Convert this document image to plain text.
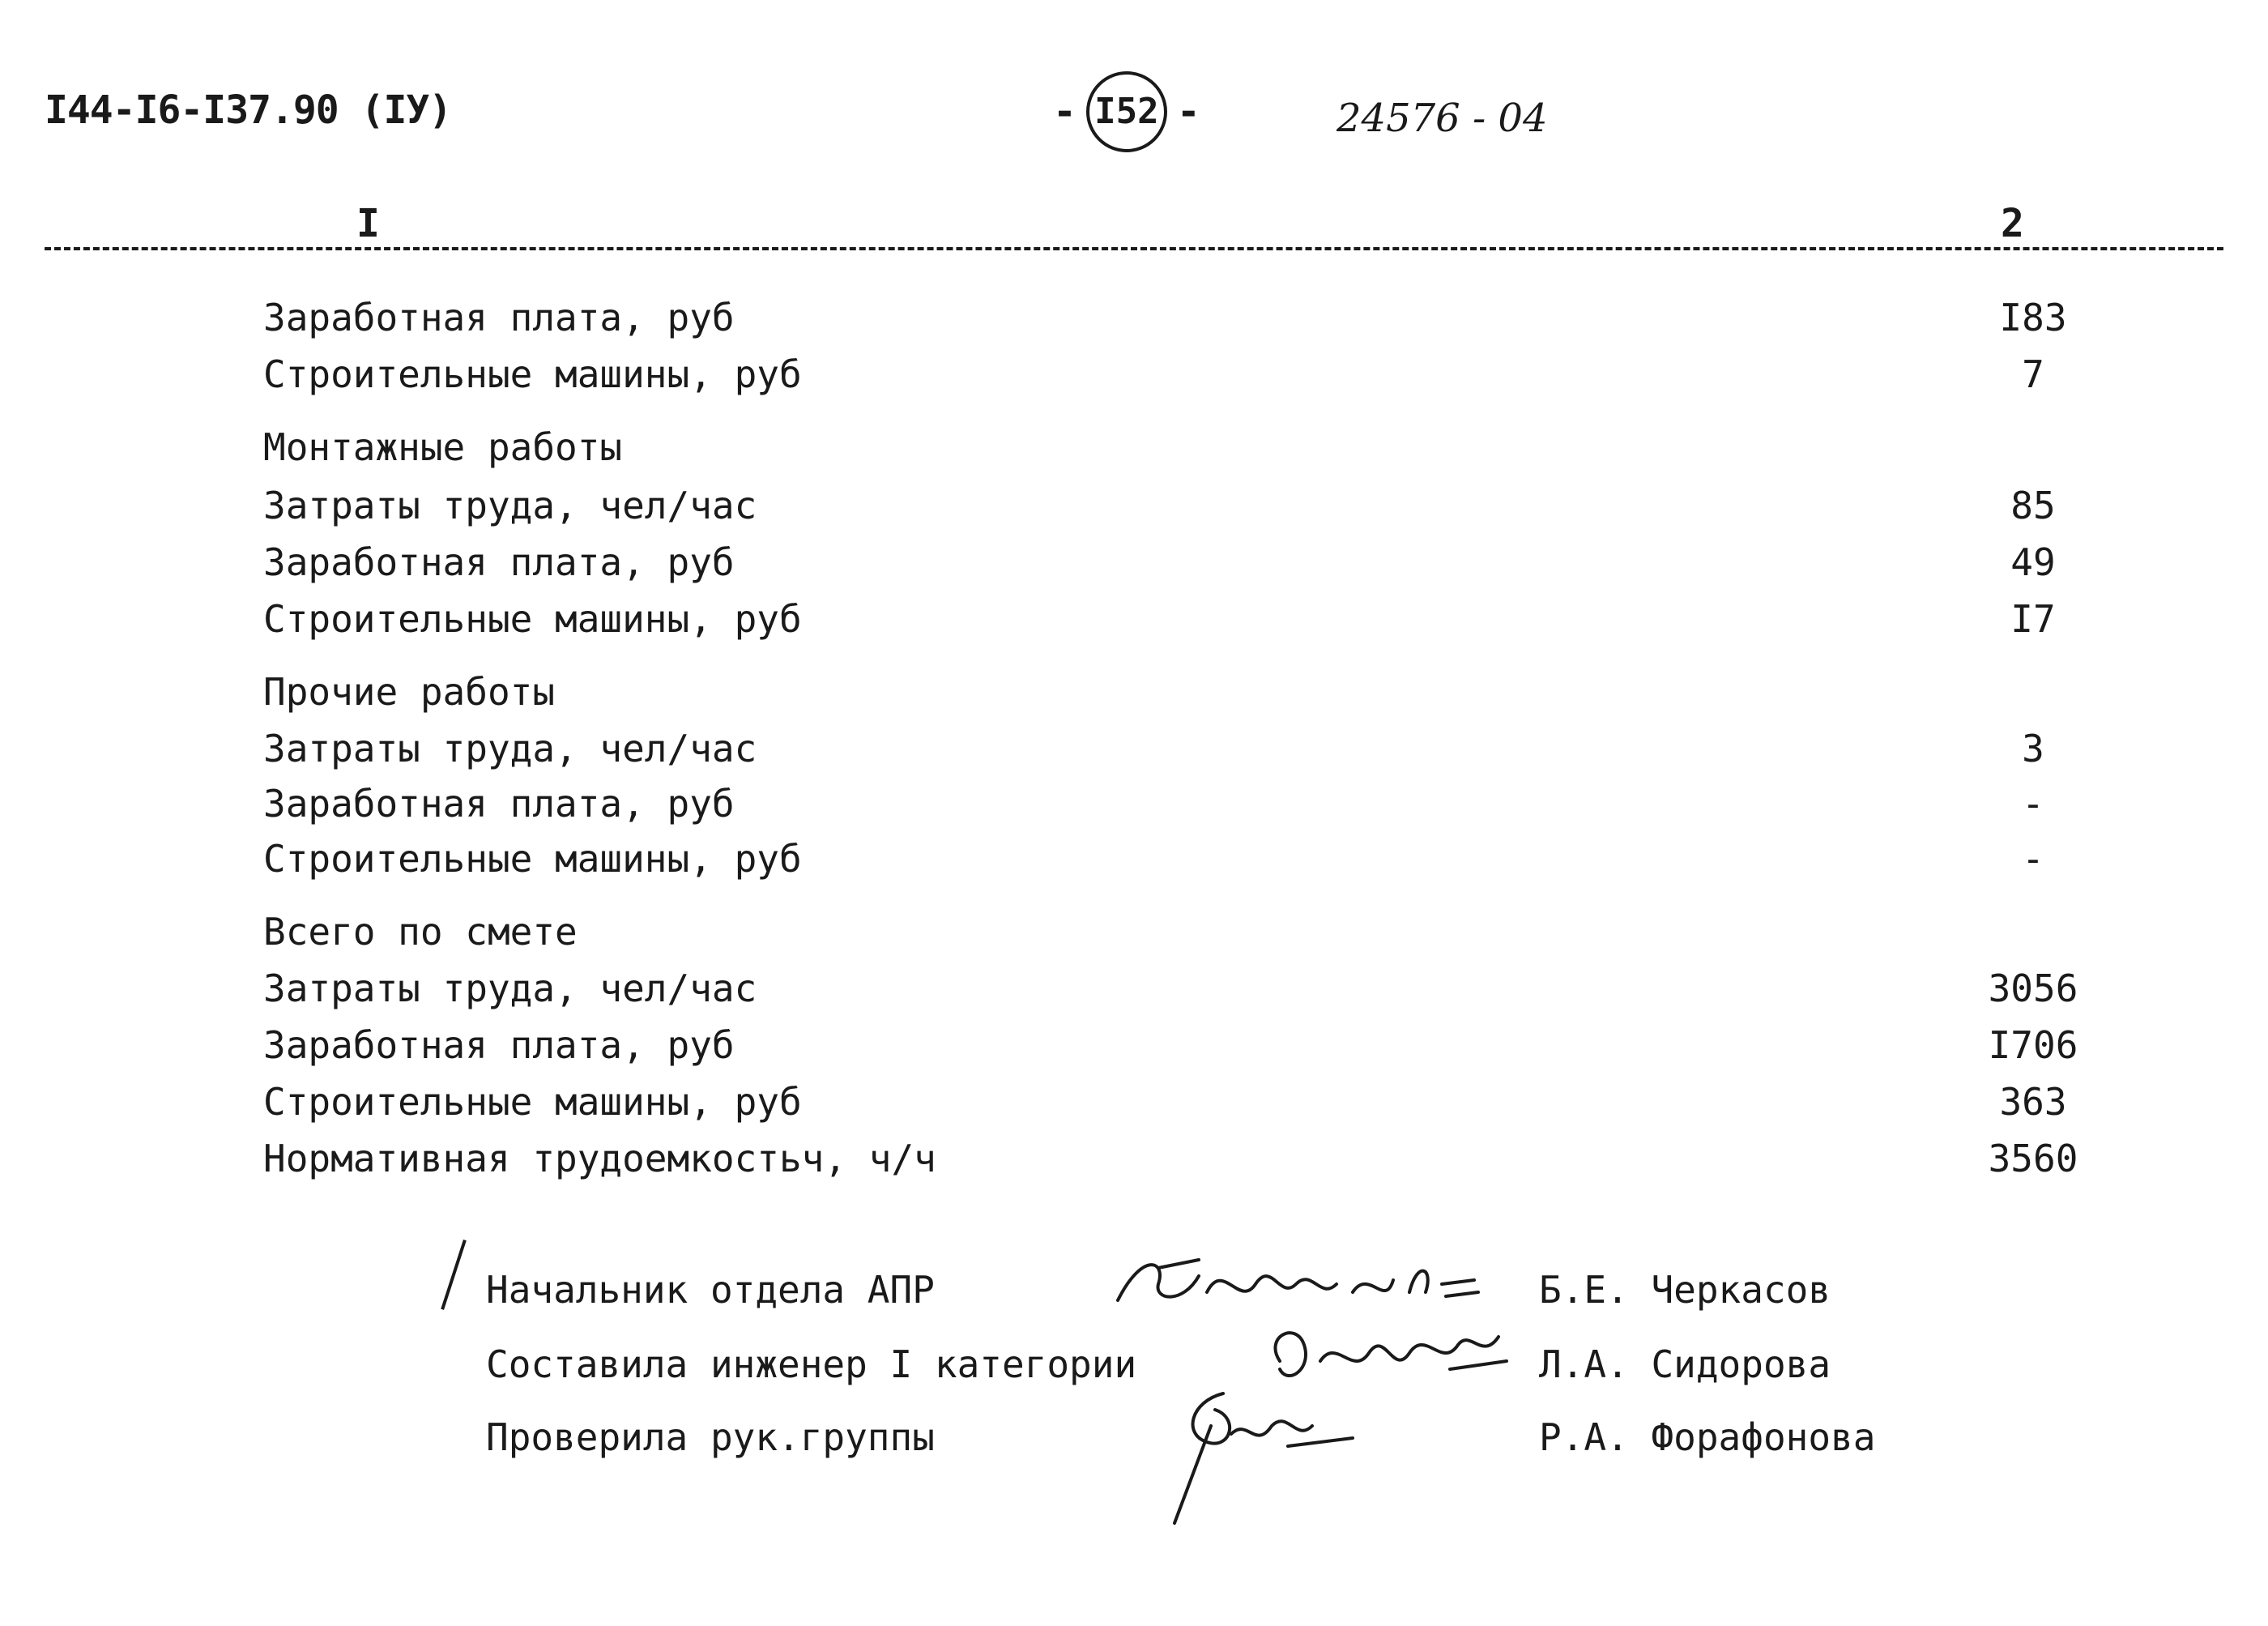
I44-I6-I37.90 (IУ)	- I52 -	24576 - 04
I	2
Заработная плата, руб	I83
Строительные машины, руб	7
Монтажные работы
Затраты труда, чел/час	85
Заработная плата, руб	49
Строительные машины, руб	I7
Прочие работы
Затраты труда, чел/час	3
Заработная плата, руб	-
Строительные машины, руб	-
Всего по смете
Затраты труда, чел/час	3056
Заработная плата, руб	I706
Строительные машины, руб	363
Нормативная трудоемкостьч, ч/ч	3560
Начальник отдела АПР	Б.Е. Черкасов
Составила инженер I категории	Л.А. Сидорова
Проверила рук.группы	Р.А. Форафонова
